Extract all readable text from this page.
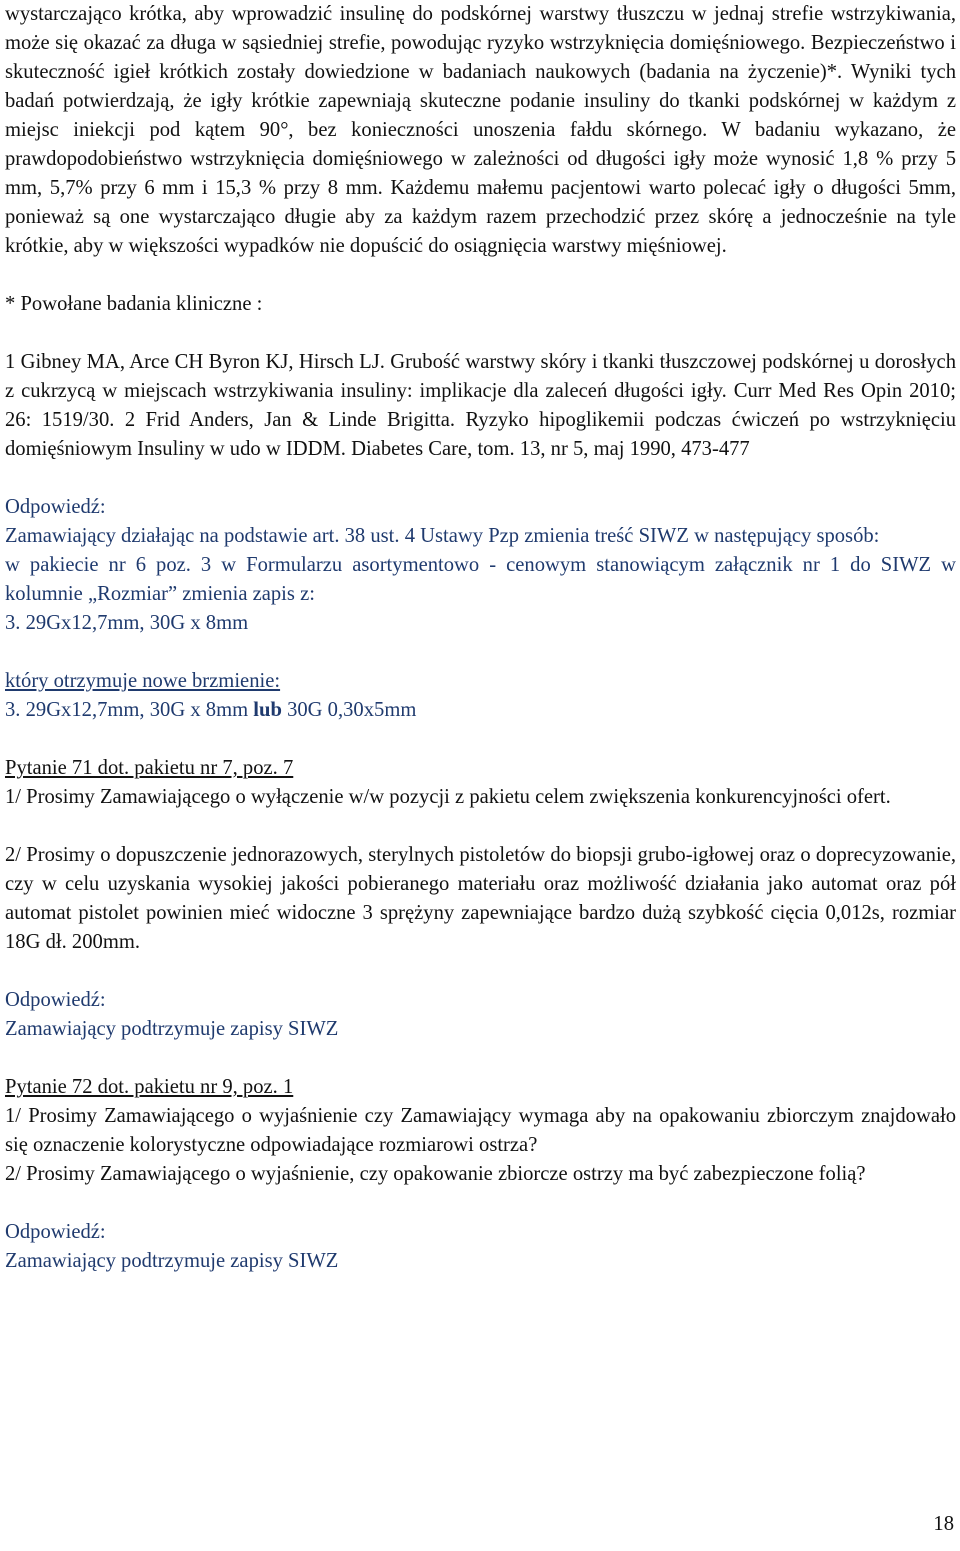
wystarczająco krótka, aby wprowadzić insulinę do podskórnej warstwy tłuszczu w jednaj strefie wstrzykiwania, może się okazać za długa w sąsiedniej strefie, powodując ryzyko wstrzyknięcia domięśniowego. Bezpieczeństwo i skuteczność igieł krótkich zostały dowiedzione w badaniach naukowych (badania na życzenie)*. Wyniki tych badań potwierdzają, że igły krótkie zapewniają skuteczne podanie insuliny do tkanki podskórnej w każdym z miejsc iniekcji pod kątem 90°, bez konieczności unoszenia fałdu skórnego. W badaniu wykazano, że prawdopodobieństwo wstrzyknięcia domięśniowego w zależności od długości igły może wynosić 1,8 % przy 5 mm, 5,7% przy 6 mm i 15,3 % przy 8 mm. Każdemu małemu pacjentowi warto polecać igły o długości 5mm, ponieważ są one wystarczająco długie aby za każdym razem przechodzić przez skórę a jednocześnie na tyle krótkie, aby w większości wypadków nie dopuścić do osiągnięcia warstwy mięśniowej.

* Powołane badania kliniczne :

1 Gibney MA, Arce CH Byron KJ, Hirsch LJ. Grubość warstwy skóry i tkanki tłuszczowej podskórnej u dorosłych z cukrzycą w miejscach wstrzykiwania insuliny: implikacje dla zaleceń długości igły. Curr Med Res Opin 2010; 26: 1519/30. 2 Frid Anders, Jan & Linde Brigitta. Ryzyko hipoglikemii podczas ćwiczeń po wstrzyknięciu domięśniowym Insuliny w udo w IDDM. Diabetes Care, tom. 13, nr 5, maj 1990, 473-477

Odpowiedź:

Zamawiający działając na podstawie art. 38 ust. 4 Ustawy Pzp zmienia treść SIWZ w następujący sposób:

w pakiecie nr 6 poz. 3 w Formularzu asortymentowo - cenowym stanowiącym załącznik nr 1 do SIWZ w kolumnie „Rozmiar” zmienia zapis z:

3. 29Gx12,7mm, 30G x 8mm

który otrzymuje nowe brzmienie:

3. 29Gx12,7mm, 30G x 8mm lub 30G 0,30x5mm

Pytanie 71 dot. pakietu nr 7, poz. 7

1/ Prosimy Zamawiającego o wyłączenie w/w pozycji z pakietu celem zwiększenia konkurencyjności ofert.

2/ Prosimy o dopuszczenie jednorazowych, sterylnych pistoletów do biopsji grubo-igłowej oraz o doprecyzowanie, czy w celu uzyskania wysokiej jakości pobieranego materiału oraz możliwość działania jako automat oraz pół automat pistolet powinien mieć widoczne 3 sprężyny zapewniające bardzo dużą szybkość cięcia 0,012s, rozmiar 18G dł. 200mm.

Odpowiedź:

Zamawiający podtrzymuje zapisy SIWZ

Pytanie 72 dot. pakietu nr 9, poz. 1

1/ Prosimy Zamawiającego o wyjaśnienie czy Zamawiający wymaga aby na opakowaniu zbiorczym znajdowało się oznaczenie kolorystyczne odpowiadające rozmiarowi ostrza?

2/ Prosimy Zamawiającego o wyjaśnienie, czy opakowanie zbiorcze ostrzy ma być zabezpieczone folią?

Odpowiedź:

Zamawiający podtrzymuje zapisy SIWZ

18
